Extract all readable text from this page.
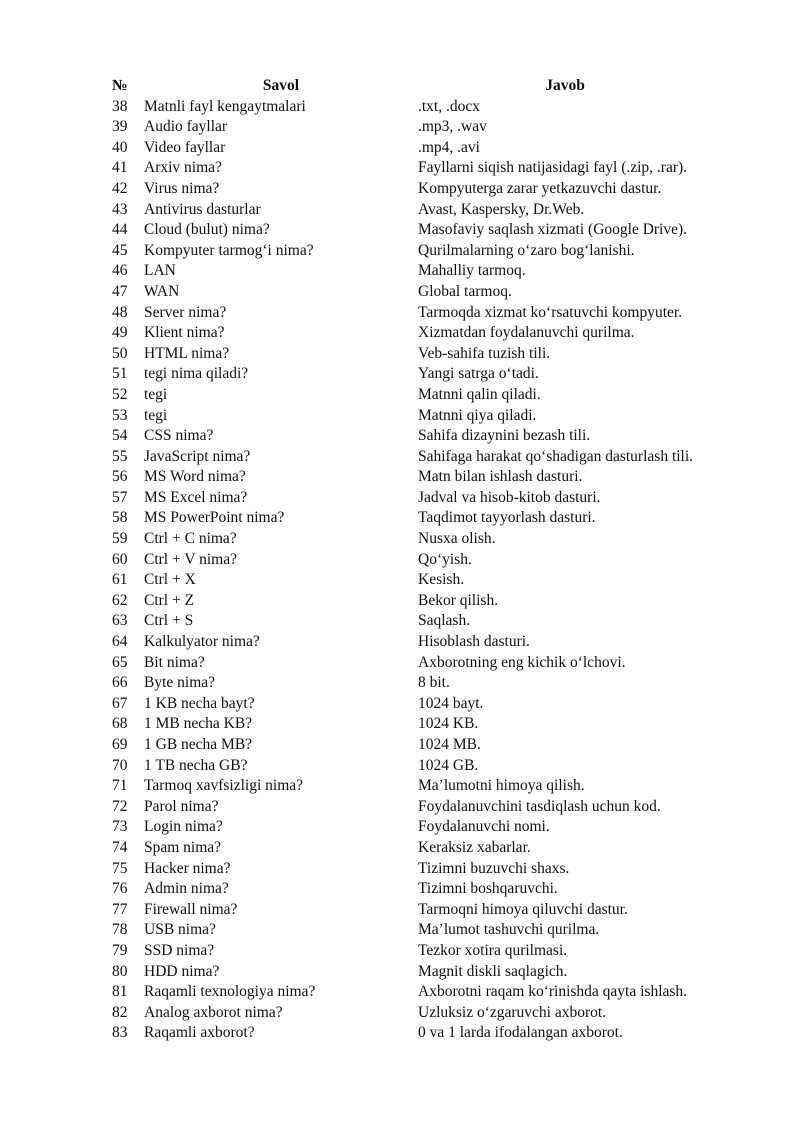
№	Savol	Javob
38	Matnli fayl kengaytmalari	.txt, .docx
39	Audio fayllar	.mp3, .wav
40	Video fayllar	.mp4, .avi
41	Arxiv nima?	Fayllarni siqish natijasidagi fayl (.zip, .rar).
42	Virus nima?	Kompyuterga zarar yetkazuvchi dastur.
43	Antivirus dasturlar	Avast, Kaspersky, Dr.Web.
44	Cloud (bulut) nima?	Masofaviy saqlash xizmati (Google Drive).
45	Kompyuter tarmog‘i nima?	Qurilmalarning o‘zaro bog‘lanishi.
46	LAN	Mahalliy tarmoq.
47	WAN	Global tarmoq.
48	Server nima?	Tarmoqda xizmat ko‘rsatuvchi kompyuter.
49	Klient nima?	Xizmatdan foydalanuvchi qurilma.
50	HTML nima?	Veb-sahifa tuzish tili.
51	tegi nima qiladi?	Yangi satrga o‘tadi.
52	tegi	Matnni qalin qiladi.
53	tegi	Matnni qiya qiladi.
54	CSS nima?	Sahifa dizaynini bezash tili.
55	JavaScript nima?	Sahifaga harakat qo‘shadigan dasturlash tili.
56	MS Word nima?	Matn bilan ishlash dasturi.
57	MS Excel nima?	Jadval va hisob-kitob dasturi.
58	MS PowerPoint nima?	Taqdimot tayyorlash dasturi.
59	Ctrl + C nima?	Nusxa olish.
60	Ctrl + V nima?	Qo‘yish.
61	Ctrl + X	Kesish.
62	Ctrl + Z	Bekor qilish.
63	Ctrl + S	Saqlash.
64	Kalkulyator nima?	Hisoblash dasturi.
65	Bit nima?	Axborotning eng kichik o‘lchovi.
66	Byte nima?	8 bit.
67	1 KB necha bayt?	1024 bayt.
68	1 MB necha KB?	1024 KB.
69	1 GB necha MB?	1024 MB.
70	1 TB necha GB?	1024 GB.
71	Tarmoq xavfsizligi nima?	Ma’lumotni himoya qilish.
72	Parol nima?	Foydalanuvchini tasdiqlash uchun kod.
73	Login nima?	Foydalanuvchi nomi.
74	Spam nima?	Keraksiz xabarlar.
75	Hacker nima?	Tizimni buzuvchi shaxs.
76	Admin nima?	Tizimni boshqaruvchi.
77	Firewall nima?	Tarmoqni himoya qiluvchi dastur.
78	USB nima?	Ma’lumot tashuvchi qurilma.
79	SSD nima?	Tezkor xotira qurilmasi.
80	HDD nima?	Magnit diskli saqlagich.
81	Raqamli texnologiya nima?	Axborotni raqam ko‘rinishda qayta ishlash.
82	Analog axborot nima?	Uzluksiz o‘zgaruvchi axborot.
83	Raqamli axborot?	0 va 1 larda ifodalangan axborot.
